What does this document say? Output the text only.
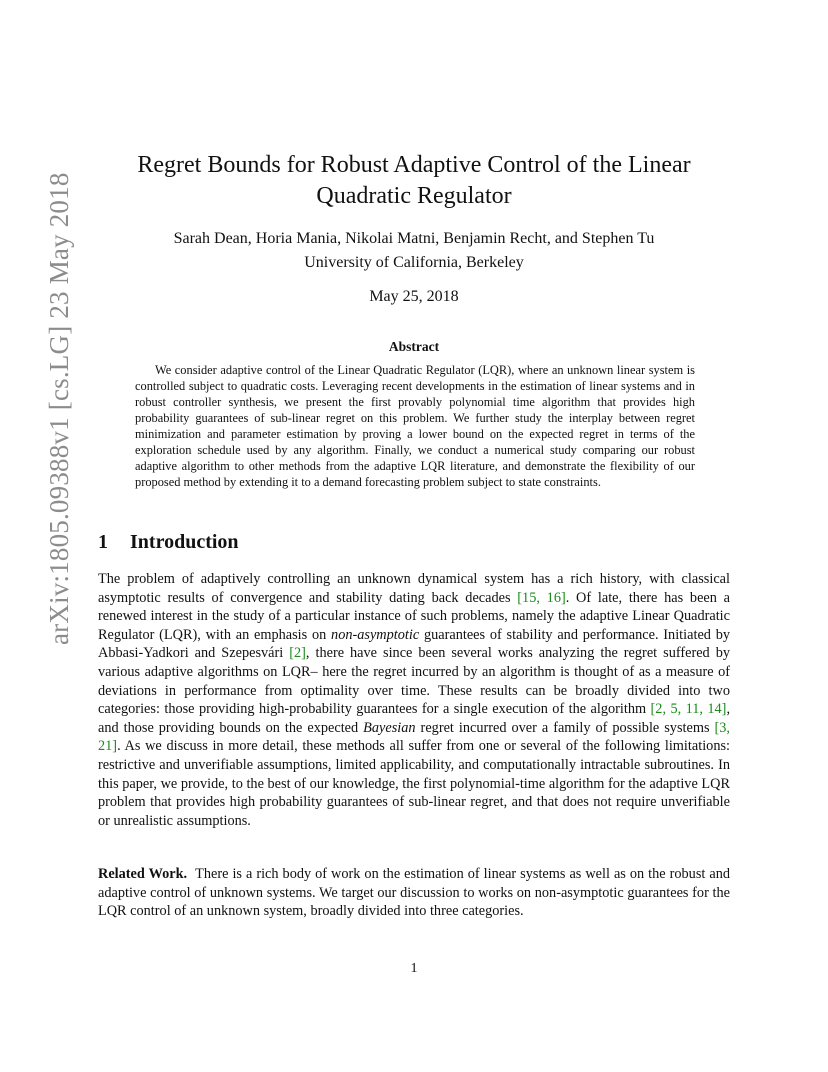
arXiv:1805.09388v1 [cs.LG] 23 May 2018
Regret Bounds for Robust Adaptive Control of the Linear Quadratic Regulator
Sarah Dean, Horia Mania, Nikolai Matni, Benjamin Recht, and Stephen Tu
University of California, Berkeley
May 25, 2018
Abstract

We consider adaptive control of the Linear Quadratic Regulator (LQR), where an unknown linear system is controlled subject to quadratic costs. Leveraging recent developments in the estimation of linear systems and in robust controller synthesis, we present the first provably polynomial time algorithm that provides high probability guarantees of sub-linear regret on this problem. We further study the interplay between regret minimization and parameter estimation by proving a lower bound on the expected regret in terms of the exploration schedule used by any algorithm. Finally, we conduct a numerical study comparing our robust adaptive algorithm to other methods from the adaptive LQR literature, and demonstrate the flexibility of our proposed method by extending it to a demand forecasting problem subject to state constraints.

1 Introduction

The problem of adaptively controlling an unknown dynamical system has a rich history, with classical asymptotic results of convergence and stability dating back decades [15, 16]. Of late, there has been a renewed interest in the study of a particular instance of such problems, namely the adaptive Linear Quadratic Regulator (LQR), with an emphasis on non-asymptotic guarantees of stability and performance. Initiated by Abbasi-Yadkori and Szepesvári [2], there have since been several works analyzing the regret suffered by various adaptive algorithms on LQR– here the regret incurred by an algorithm is thought of as a measure of deviations in performance from optimality over time. These results can be broadly divided into two categories: those providing high-probability guarantees for a single execution of the algorithm [2, 5, 11, 14], and those providing bounds on the expected Bayesian regret incurred over a family of possible systems [3, 21]. As we discuss in more detail, these methods all suffer from one or several of the following limitations: restrictive and unverifiable assumptions, limited applicability, and computationally intractable subroutines. In this paper, we provide, to the best of our knowledge, the first polynomial-time algorithm for the adaptive LQR problem that provides high probability guarantees of sub-linear regret, and that does not require unverifiable or unrealistic assumptions.

Related Work. There is a rich body of work on the estimation of linear systems as well as on the robust and adaptive control of unknown systems. We target our discussion to works on non-asymptotic guarantees for the LQR control of an unknown system, broadly divided into three categories.

1
